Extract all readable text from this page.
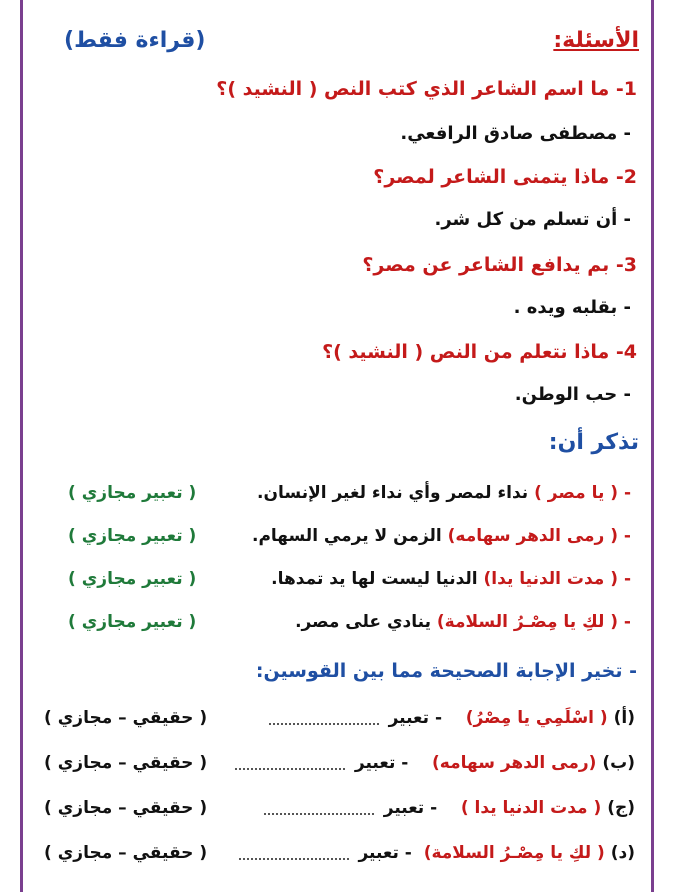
الأسئلة:
(قراءة فقط)
1- ما اسم الشاعر الذي كتب النص ( النشيد )؟
- مصطفى صادق الرافعي.
2- ماذا يتمنى الشاعر لمصر؟
- أن تسلم من كل شر.
3- بم يدافع الشاعر عن مصر؟
- بقلبه ويده .
4- ماذا نتعلم من النص ( النشيد )؟
- حب الوطن.
تذكر أن:
- ( يا مصر ) نداء لمصر وأي نداء لغير الإنسان.
( تعبير مجازي )
- ( رمى الدهر سهامه) الزمن لا يرمي السهام.
( تعبير مجازي )
- ( مدت الدنيا يدا) الدنيا ليست لها يد تمدها.
( تعبير مجازي )
- ( لكِ يا مِصْـرُ السلامة) ينادي على مصر.
( تعبير مجازي )
- تخير الإجابة الصحيحة مما بين القوسين:
(أ) ( اسْلَمِي يا مِصْرُ)    - تعبير
( حقيقي – مجازي )
(ب) (رمى الدهر سهامه)    - تعبير
( حقيقي – مجازي )
(ج) ( مدت الدنيا يدا )    - تعبير
( حقيقي – مجازي )
(د) ( لكِ يا مِصْـرُ السلامة)  - تعبير
( حقيقي – مجازي )
